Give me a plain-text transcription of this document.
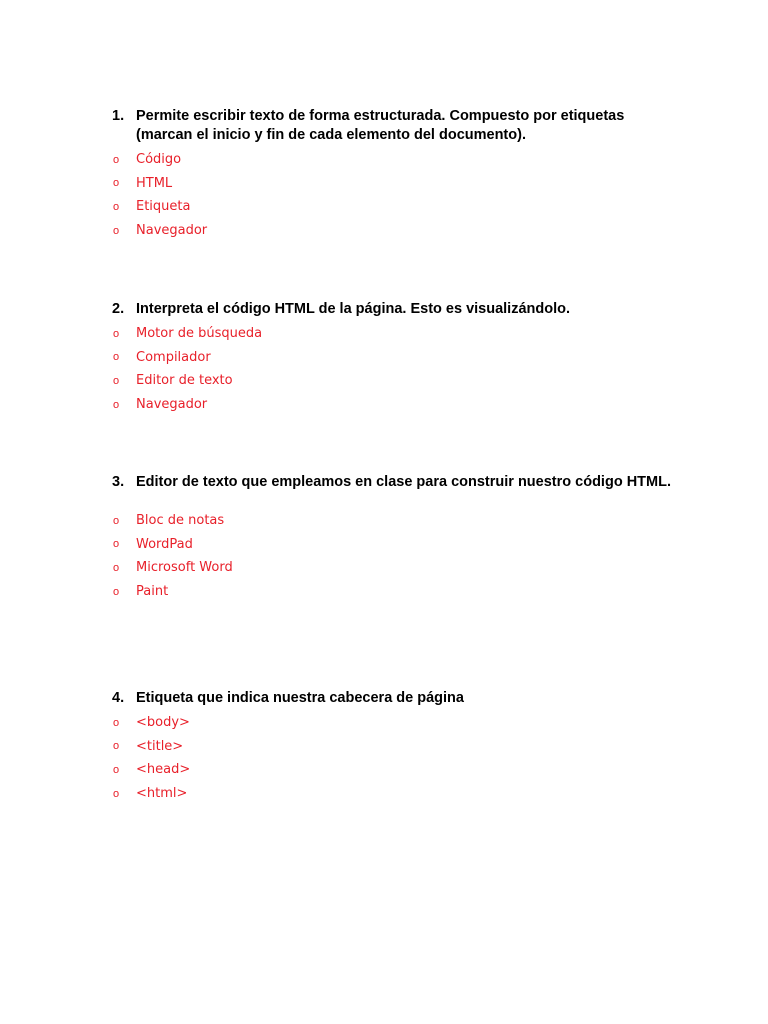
1. Permite escribir texto de forma estructurada. Compuesto por etiquetas (marcan el inicio y fin de cada elemento del documento).
o	Código
o	HTML
o	Etiqueta
o	Navegador
2. Interpreta el código HTML de la página. Esto es visualizándolo.
o	Motor de búsqueda
o	Compilador
o	Editor de texto
o	Navegador
3. Editor de texto que empleamos en clase para construir nuestro código HTML.
o	Bloc de notas
o	WordPad
o	Microsoft Word
o	Paint
4. Etiqueta que indica nuestra cabecera de página
o	<body>
o	<title>
o	<head>
o	<html>
